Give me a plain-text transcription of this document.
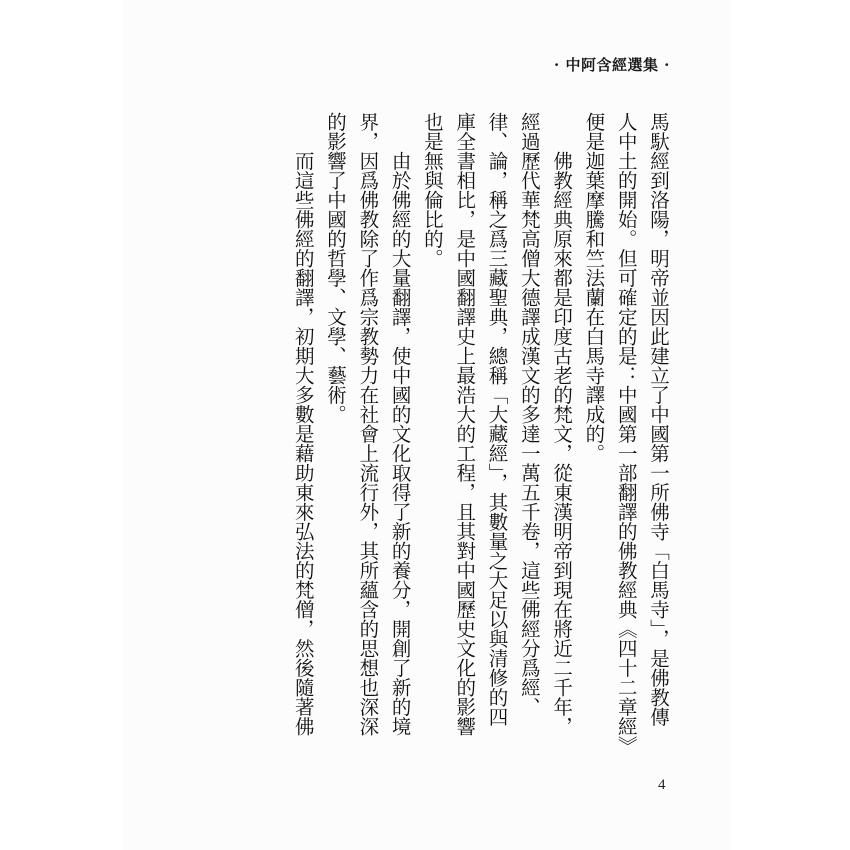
· 中阿含經選集 ·
馬馱經到洛陽，明帝並因此建立了中國第一所佛寺「白馬寺」，是佛教傳
人中土的開始。但可確定的是：中國第一部翻譯的佛教經典《四十二章經》
便是迦葉摩騰和竺法蘭在白馬寺譯成的。
佛教經典原來都是印度古老的梵文，從東漢明帝到現在將近二千年，
經過歷代華梵高僧大德譯成漢文的多達一萬五千卷，這些佛經分爲經、
律、論，稱之爲三藏聖典，總稱「大藏經」，其數量之大足以與清修的四
庫全書相比，是中國翻譯史上最浩大的工程，且其對中國歷史文化的影響
也是無與倫比的。
由於佛經的大量翻譯，使中國的文化取得了新的養分，開創了新的境
界，因爲佛教除了作爲宗教勢力在社會上流行外，其所蘊含的思想也深深
的影響了中國的哲學、文學、藝術。
而這些佛經的翻譯，初期大多數是藉助東來弘法的梵僧，然後隨著佛
4
